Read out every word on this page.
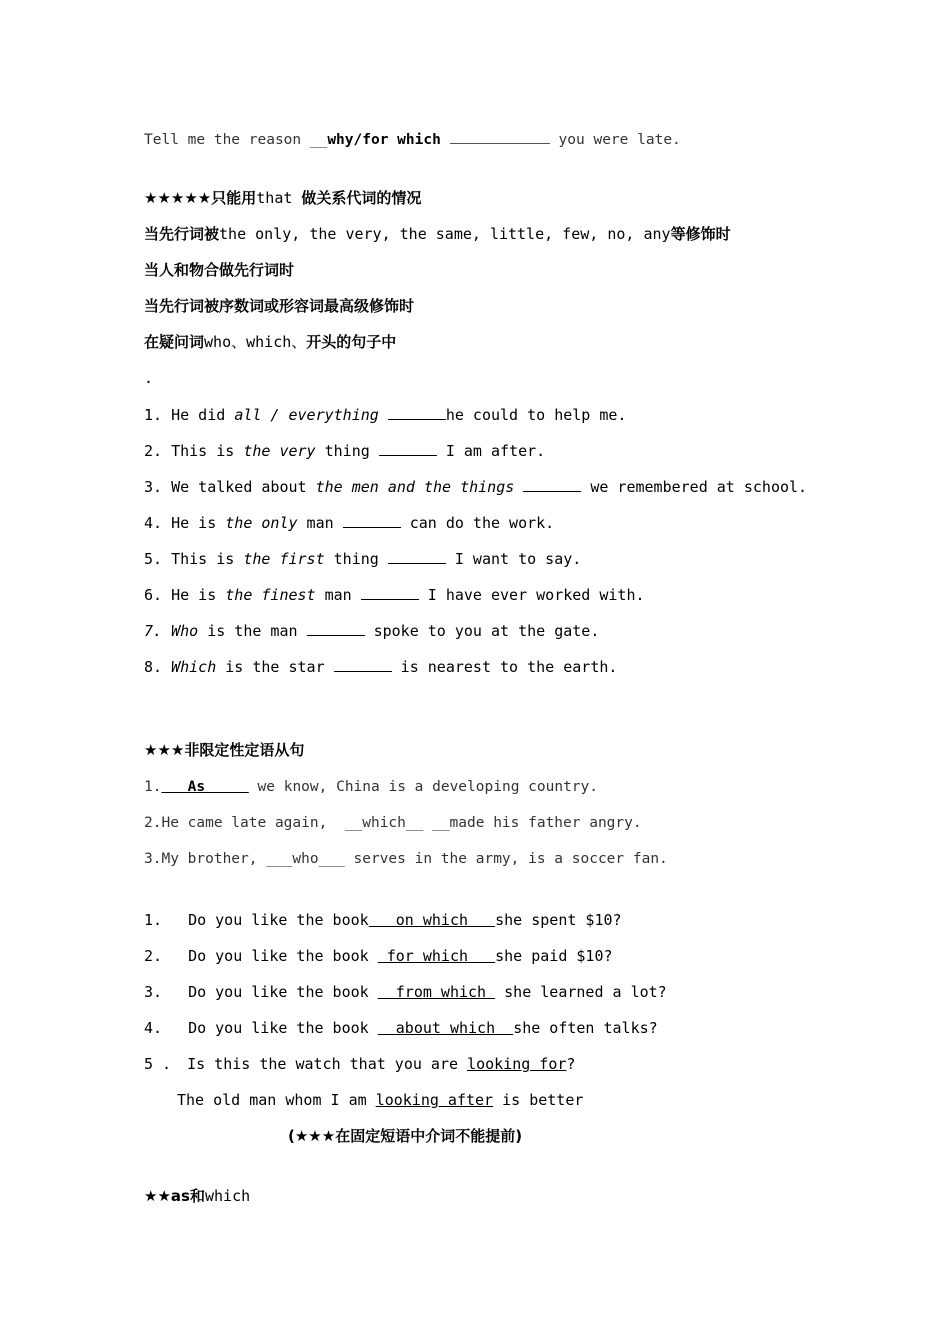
Tell me the reason __why/for which	you were late.
★★★★★只能用that 做关系代词的情况
当先行词被the only, the very, the same, little, few, no, any等修饰时
当人和物合做先行词时
当先行词被序数词或形容词最高级修饰时
在疑问词who、which、开头的句子中
.
1. He did all / everything	he could to help me.
2. This is the very thing	I am after.
3. We talked about the men and the things	we remembered at school.
4. He is the only man	can do the work.
5. This is the first thing	I want to say.
6. He is the finest man	I have ever worked with.
7. Who is the man	spoke to you at the gate.
8. Which is the star	is nearest to the earth.
★★★非限定性定语从句
1. As	we know, China is a developing country.
2.He came late again,  __which__ __made his father angry.
3.My brother, ___who___ serves in the army, is a soccer fan.
1. Do you like the book on which she spent $10?
2. Do you like the book  for which she paid $10?
3. Do you like the book   from which  she learned a lot?
4. Do you like the book   about which she often talks?
5 . Is this the watch that you are looking for?
The old man whom I am looking after is better
(★★★在固定短语中介词不能提前)
★★as和which
